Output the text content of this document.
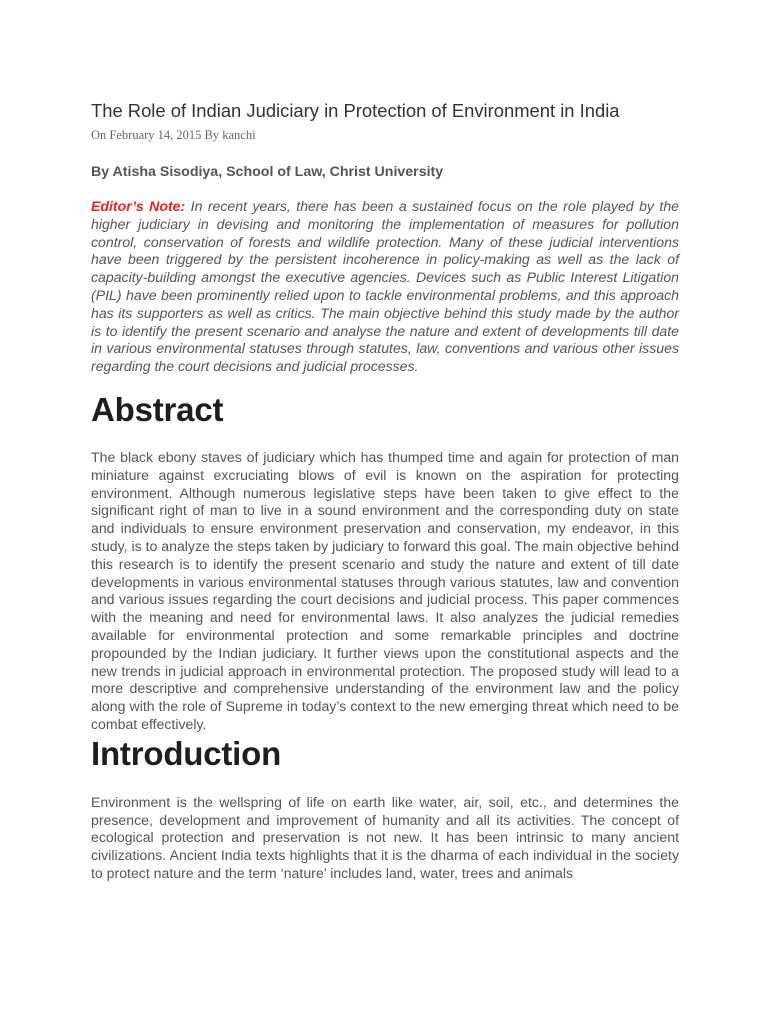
The Role of Indian Judiciary in Protection of Environment in India
On February 14, 2015 By kanchi
By Atisha Sisodiya, School of Law, Christ University

Editor’s Note: In recent years, there has been a sustained focus on the role played by the higher judiciary in devising and monitoring the implementation of measures for pollution control, conservation of forests and wildlife protection. Many of these judicial interventions have been triggered by the persistent incoherence in policy-making as well as the lack of capacity-building amongst the executive agencies. Devices such as Public Interest Litigation (PIL) have been prominently relied upon to tackle environmental problems, and this approach has its supporters as well as critics. The main objective behind this study made by the author is to identify the present scenario and analyse the nature and extent of developments till date in various environmental statuses through statutes, law, conventions and various other issues regarding the court decisions and judicial processes.

Abstract

The black ebony staves of judiciary which has thumped time and again for protection of man miniature against excruciating blows of evil is known on the aspiration for protecting environment. Although numerous legislative steps have been taken to give effect to the significant right of man to live in a sound environment and the corresponding duty on state and individuals to ensure environment preservation and conservation, my endeavor, in this study, is to analyze the steps taken by judiciary to forward this goal. The main objective behind this research is to identify the present scenario and study the nature and extent of till date developments in various environmental statuses through various statutes, law and convention and various issues regarding the court decisions and judicial process. This paper commences with the meaning and need for environmental laws. It also analyzes the judicial remedies available for environmental protection and some remarkable principles and doctrine propounded by the Indian judiciary. It further views upon the constitutional aspects and the new trends in judicial approach in environmental protection. The proposed study will lead to a more descriptive and comprehensive understanding of the environment law and the policy along with the role of Supreme in today’s context to the new emerging threat which need to be combat effectively.

Introduction

Environment is the wellspring of life on earth like water, air, soil, etc., and determines the presence, development and improvement of humanity and all its activities. The concept of ecological protection and preservation is not new. It has been intrinsic to many ancient civilizations. Ancient India texts highlights that it is the dharma of each individual in the society to protect nature and the term ‘nature’ includes land, water, trees and animals
